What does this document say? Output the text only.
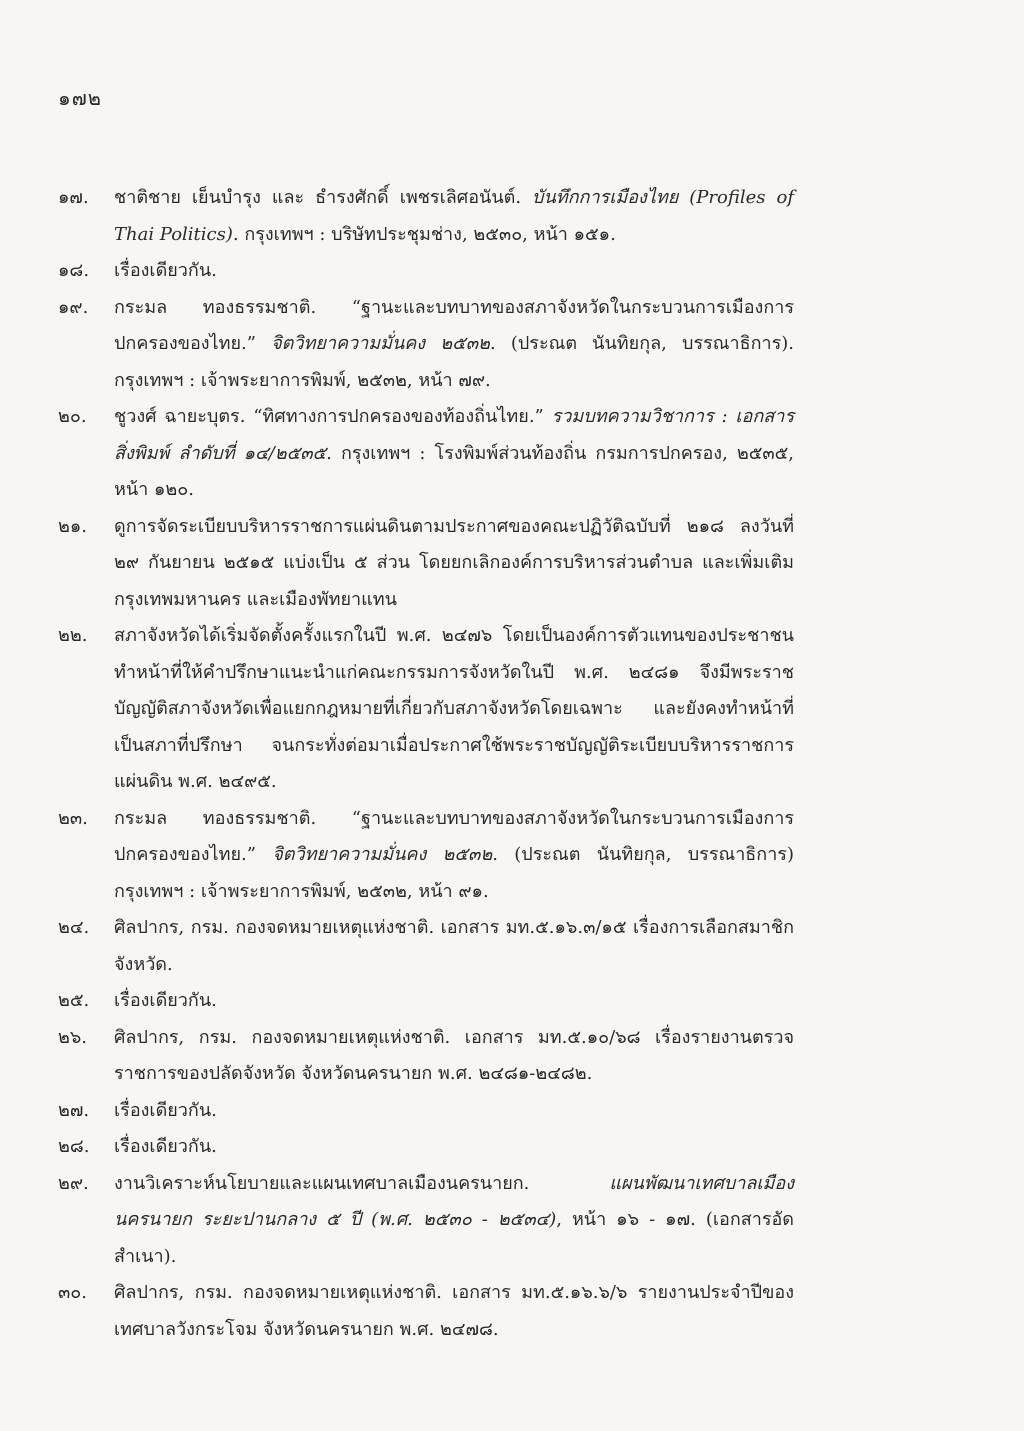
๑๗๒
๑๗.	ชาติชาย เย็นบำรุง และ ธำรงศักดิ์ เพชรเลิศอนันต์. บันทึกการเมืองไทย (Profiles of Thai Politics). กรุงเทพฯ : บริษัทประชุมช่าง, ๒๕๓๐, หน้า ๑๕๑.
๑๘.	เรื่องเดียวกัน.
๑๙.	กระมล ทองธรรมชาติ. “ฐานะและบทบาทของสภาจังหวัดในกระบวนการเมืองการปกครองของไทย.” จิตวิทยาความมั่นคง ๒๕๓๒. (ประณต นันทิยกุล, บรรณาธิการ). กรุงเทพฯ : เจ้าพระยาการพิมพ์, ๒๕๓๒, หน้า ๗๙.
๒๐.	ชูวงศ์ ฉายะบุตร. “ทิศทางการปกครองของท้องถิ่นไทย.” รวมบทความวิชาการ : เอกสารสิ่งพิมพ์ ลำดับที่ ๑๔/๒๕๓๕. กรุงเทพฯ : โรงพิมพ์ส่วนท้องถิ่น กรมการปกครอง, ๒๕๓๕, หน้า ๑๒๐.
๒๑.	ดูการจัดระเบียบบริหารราชการแผ่นดินตามประกาศของคณะปฏิวัติฉบับที่ ๒๑๘ ลงวันที่ ๒๙ กันยายน ๒๕๑๕ แบ่งเป็น ๕ ส่วน โดยยกเลิกองค์การบริหารส่วนตำบล และเพิ่มเติมกรุงเทพมหานคร และเมืองพัทยาแทน
๒๒.	สภาจังหวัดได้เริ่มจัดตั้งครั้งแรกในปี พ.ศ. ๒๔๗๖ โดยเป็นองค์การตัวแทนของประชาชนทำหน้าที่ให้คำปรึกษาแนะนำแก่คณะกรรมการจังหวัดในปี พ.ศ. ๒๔๘๑ จึงมีพระราชบัญญัติสภาจังหวัดเพื่อแยกกฎหมายที่เกี่ยวกับสภาจังหวัดโดยเฉพาะ และยังคงทำหน้าที่เป็นสภาที่ปรึกษา จนกระทั่งต่อมาเมื่อประกาศใช้พระราชบัญญัติระเบียบบริหารราชการแผ่นดิน พ.ศ. ๒๔๙๕.
๒๓.	กระมล ทองธรรมชาติ. “ฐานะและบทบาทของสภาจังหวัดในกระบวนการเมืองการปกครองของไทย.” จิตวิทยาความมั่นคง ๒๕๓๒. (ประณต นันทิยกุล, บรรณาธิการ) กรุงเทพฯ : เจ้าพระยาการพิมพ์, ๒๕๓๒, หน้า ๙๑.
๒๔.	ศิลปากร, กรม. กองจดหมายเหตุแห่งชาติ. เอกสาร มท.๕.๑๖.๓/๑๕ เรื่องการเลือกสมาชิกจังหวัด.
๒๕.	เรื่องเดียวกัน.
๒๖.	ศิลปากร, กรม. กองจดหมายเหตุแห่งชาติ. เอกสาร มท.๕.๑๐/๖๘ เรื่องรายงานตรวจราชการของปลัดจังหวัด จังหวัดนครนายก พ.ศ. ๒๔๘๑-๒๔๘๒.
๒๗.	เรื่องเดียวกัน.
๒๘.	เรื่องเดียวกัน.
๒๙.	งานวิเคราะห์นโยบายและแผนเทศบาลเมืองนครนายก. แผนพัฒนาเทศบาลเมืองนครนายก ระยะปานกลาง ๕ ปี (พ.ศ. ๒๕๓๐ - ๒๕๓๔), หน้า ๑๖ - ๑๗. (เอกสารอัดสำเนา).
๓๐.	ศิลปากร, กรม. กองจดหมายเหตุแห่งชาติ. เอกสาร มท.๕.๑๖.๖/๖ รายงานประจำปีของเทศบาลวังกระโจม จังหวัดนครนายก พ.ศ. ๒๔๗๘.
